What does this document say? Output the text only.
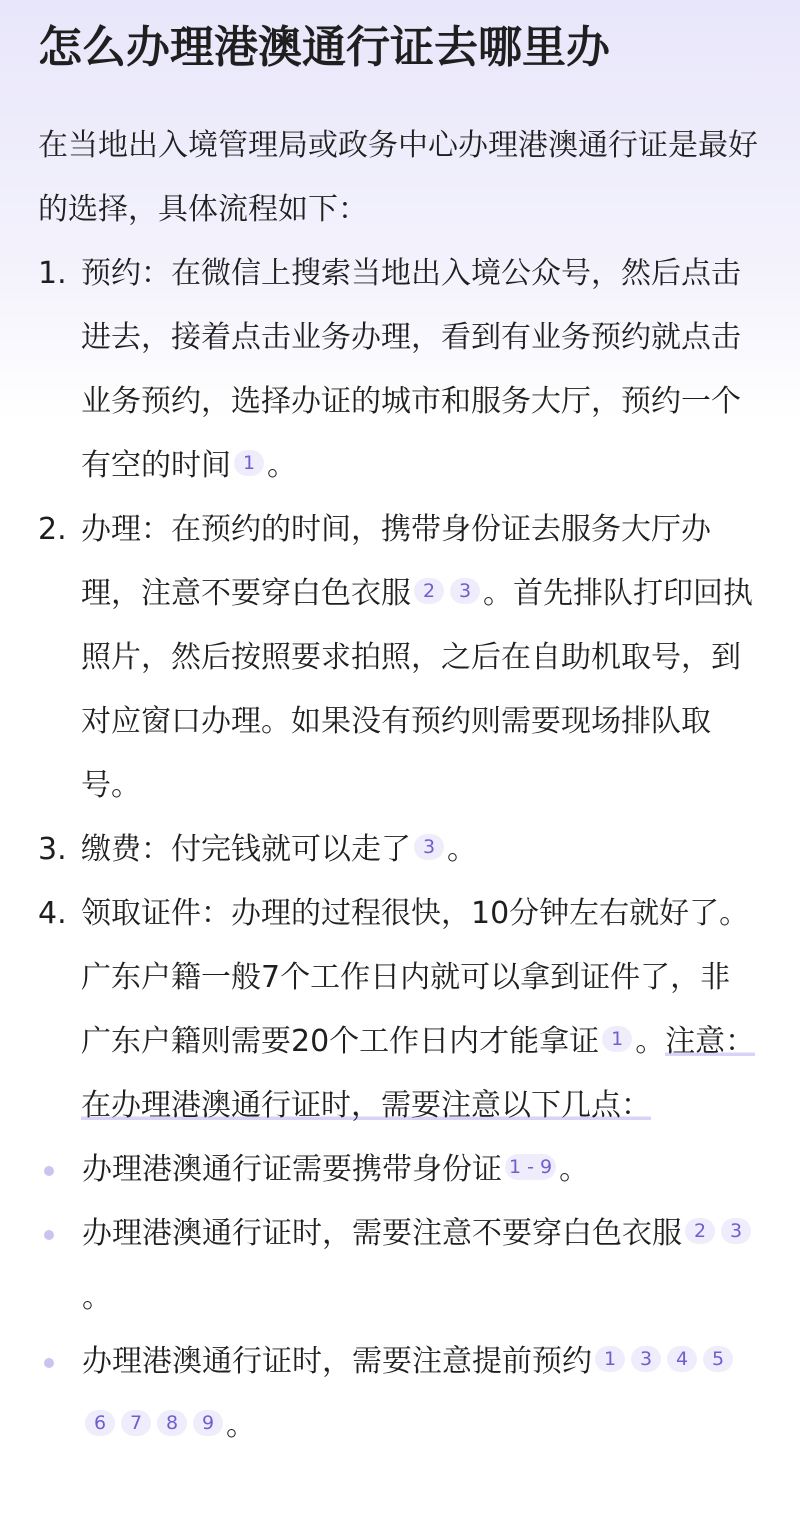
怎么办理港澳通行证去哪里办

在当地出入境管理局或政务中心办理港澳通行证是最好的选择，具体流程如下：

1. 预约：在微信上搜索当地出入境公众号，然后点击进去，接着点击业务办理，看到有业务预约就点击业务预约，选择办证的城市和服务大厅，预约一个有空的时间 1 。
2. 办理：在预约的时间，携带身份证去服务大厅办理，注意不要穿白色衣服 2 3 。首先排队打印回执照片，然后按照要求拍照，之后在自助机取号，到对应窗口办理。如果没有预约则需要现场排队取号。
3. 缴费：付完钱就可以走了 3 。
4. 领取证件：办理的过程很快，10分钟左右就好了。广东户籍一般7个工作日内就可以拿到证件了，非广东户籍则需要20个工作日内才能拿证 1 。注意：在办理港澳通行证时，需要注意以下几点：
办理港澳通行证需要携带身份证 1 - 9 。
办理港澳通行证时，需要注意不要穿白色衣服 2 3。
办理港澳通行证时，需要注意提前预约 1 3 4 56 7 8 9 。
